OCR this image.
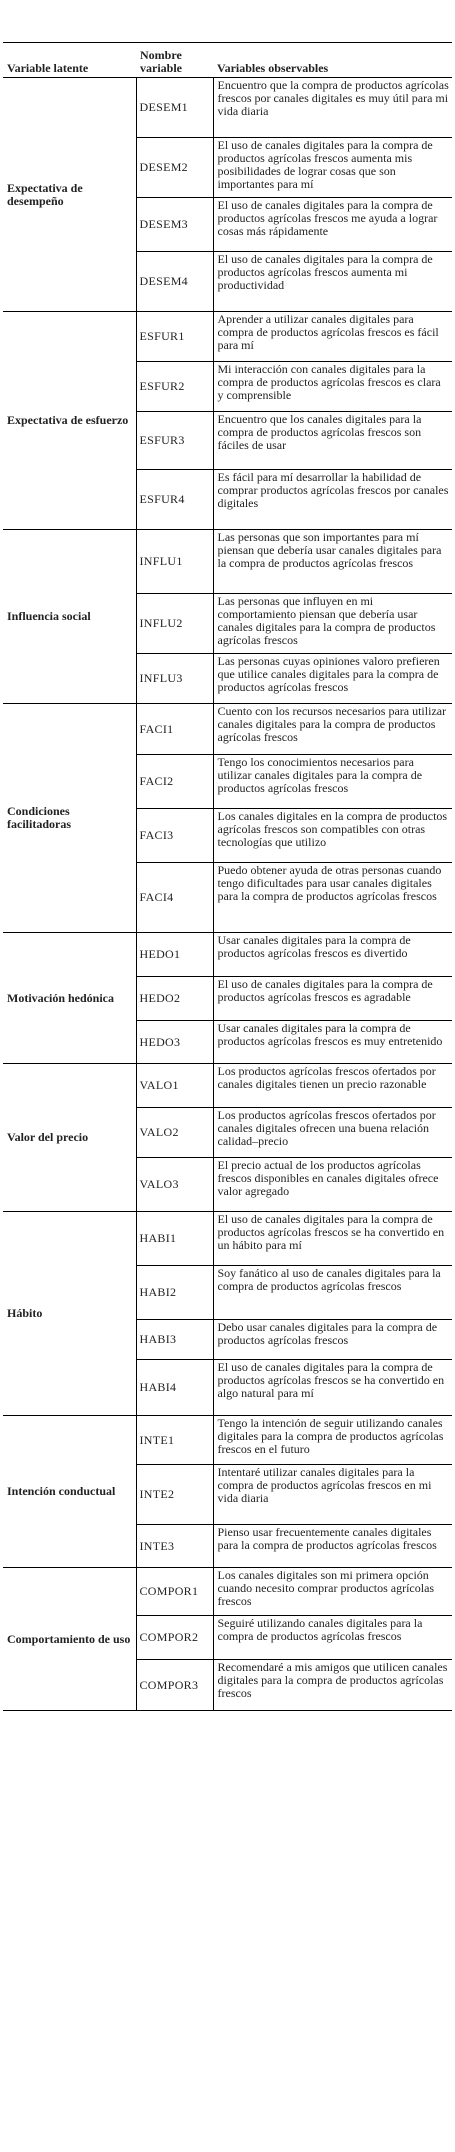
Variable latente	Nombre variable	Variables observables
Expectativa de desempeño	DESEM1	Encuentro que la compra de productos agrícolas frescos por canales digitales es muy útil para mi vida diaria
	DESEM2	El uso de canales digitales para la compra de productos agrícolas frescos aumenta mis posibilidades de lograr cosas que son importantes para mí
	DESEM3	El uso de canales digitales para la compra de productos agrícolas frescos me ayuda a lograr cosas más rápidamente
	DESEM4	El uso de canales digitales para la compra de productos agrícolas frescos aumenta mi productividad
Expectativa de esfuerzo	ESFUR1	Aprender a utilizar canales digitales para compra de productos agrícolas frescos es fácil para mí
	ESFUR2	Mi interacción con canales digitales para la compra de productos agrícolas frescos es clara y comprensible
	ESFUR3	Encuentro que los canales digitales para la compra de productos agrícolas frescos son fáciles de usar
	ESFUR4	Es fácil para mí desarrollar la habilidad de comprar productos agrícolas frescos por canales digitales
Influencia social	INFLU1	Las personas que son importantes para mí piensan que debería usar canales digitales para la compra de productos agrícolas frescos
	INFLU2	Las personas que influyen en mi comportamiento piensan que debería usar canales digitales para la compra de productos agrícolas frescos
	INFLU3	Las personas cuyas opiniones valoro prefieren que utilice canales digitales para la compra de productos agrícolas frescos
Condiciones facilitadoras	FACI1	Cuento con los recursos necesarios para utilizar canales digitales para la compra de productos agrícolas frescos
	FACI2	Tengo los conocimientos necesarios para utilizar canales digitales para la compra de productos agrícolas frescos
	FACI3	Los canales digitales en la compra de productos agrícolas frescos son compatibles con otras tecnologías que utilizo
	FACI4	Puedo obtener ayuda de otras personas cuando tengo dificultades para usar canales digitales para la compra de productos agrícolas frescos
Motivación hedónica	HEDO1	Usar canales digitales para la compra de productos agrícolas frescos es divertido
	HEDO2	El uso de canales digitales para la compra de productos agrícolas frescos es agradable
	HEDO3	Usar canales digitales para la compra de productos agrícolas frescos es muy entretenido
Valor del precio	VALO1	Los productos agrícolas frescos ofertados por canales digitales tienen un precio razonable
	VALO2	Los productos agrícolas frescos ofertados por canales digitales ofrecen una buena relación calidad–precio
	VALO3	El precio actual de los productos agrícolas frescos disponibles en canales digitales ofrece valor agregado
Hábito	HABI1	El uso de canales digitales para la compra de productos agrícolas frescos se ha convertido en un hábito para mí
	HABI2	Soy fanático al uso de canales digitales para la compra de productos agrícolas frescos
	HABI3	Debo usar canales digitales para la compra de productos agrícolas frescos
	HABI4	El uso de canales digitales para la compra de productos agrícolas frescos se ha convertido en algo natural para mí
Intención conductual	INTE1	Tengo la intención de seguir utilizando canales digitales para la compra de productos agrícolas frescos en el futuro
	INTE2	Intentaré utilizar canales digitales para la compra de productos agrícolas frescos en mi vida diaria
	INTE3	Pienso usar frecuentemente canales digitales para la compra de productos agrícolas frescos
Comportamiento de uso	COMPOR1	Los canales digitales son mi primera opción cuando necesito comprar productos agrícolas frescos
	COMPOR2	Seguiré utilizando canales digitales para la compra de productos agrícolas frescos
	COMPOR3	Recomendaré a mis amigos que utilicen canales digitales para la compra de productos agrícolas frescos
